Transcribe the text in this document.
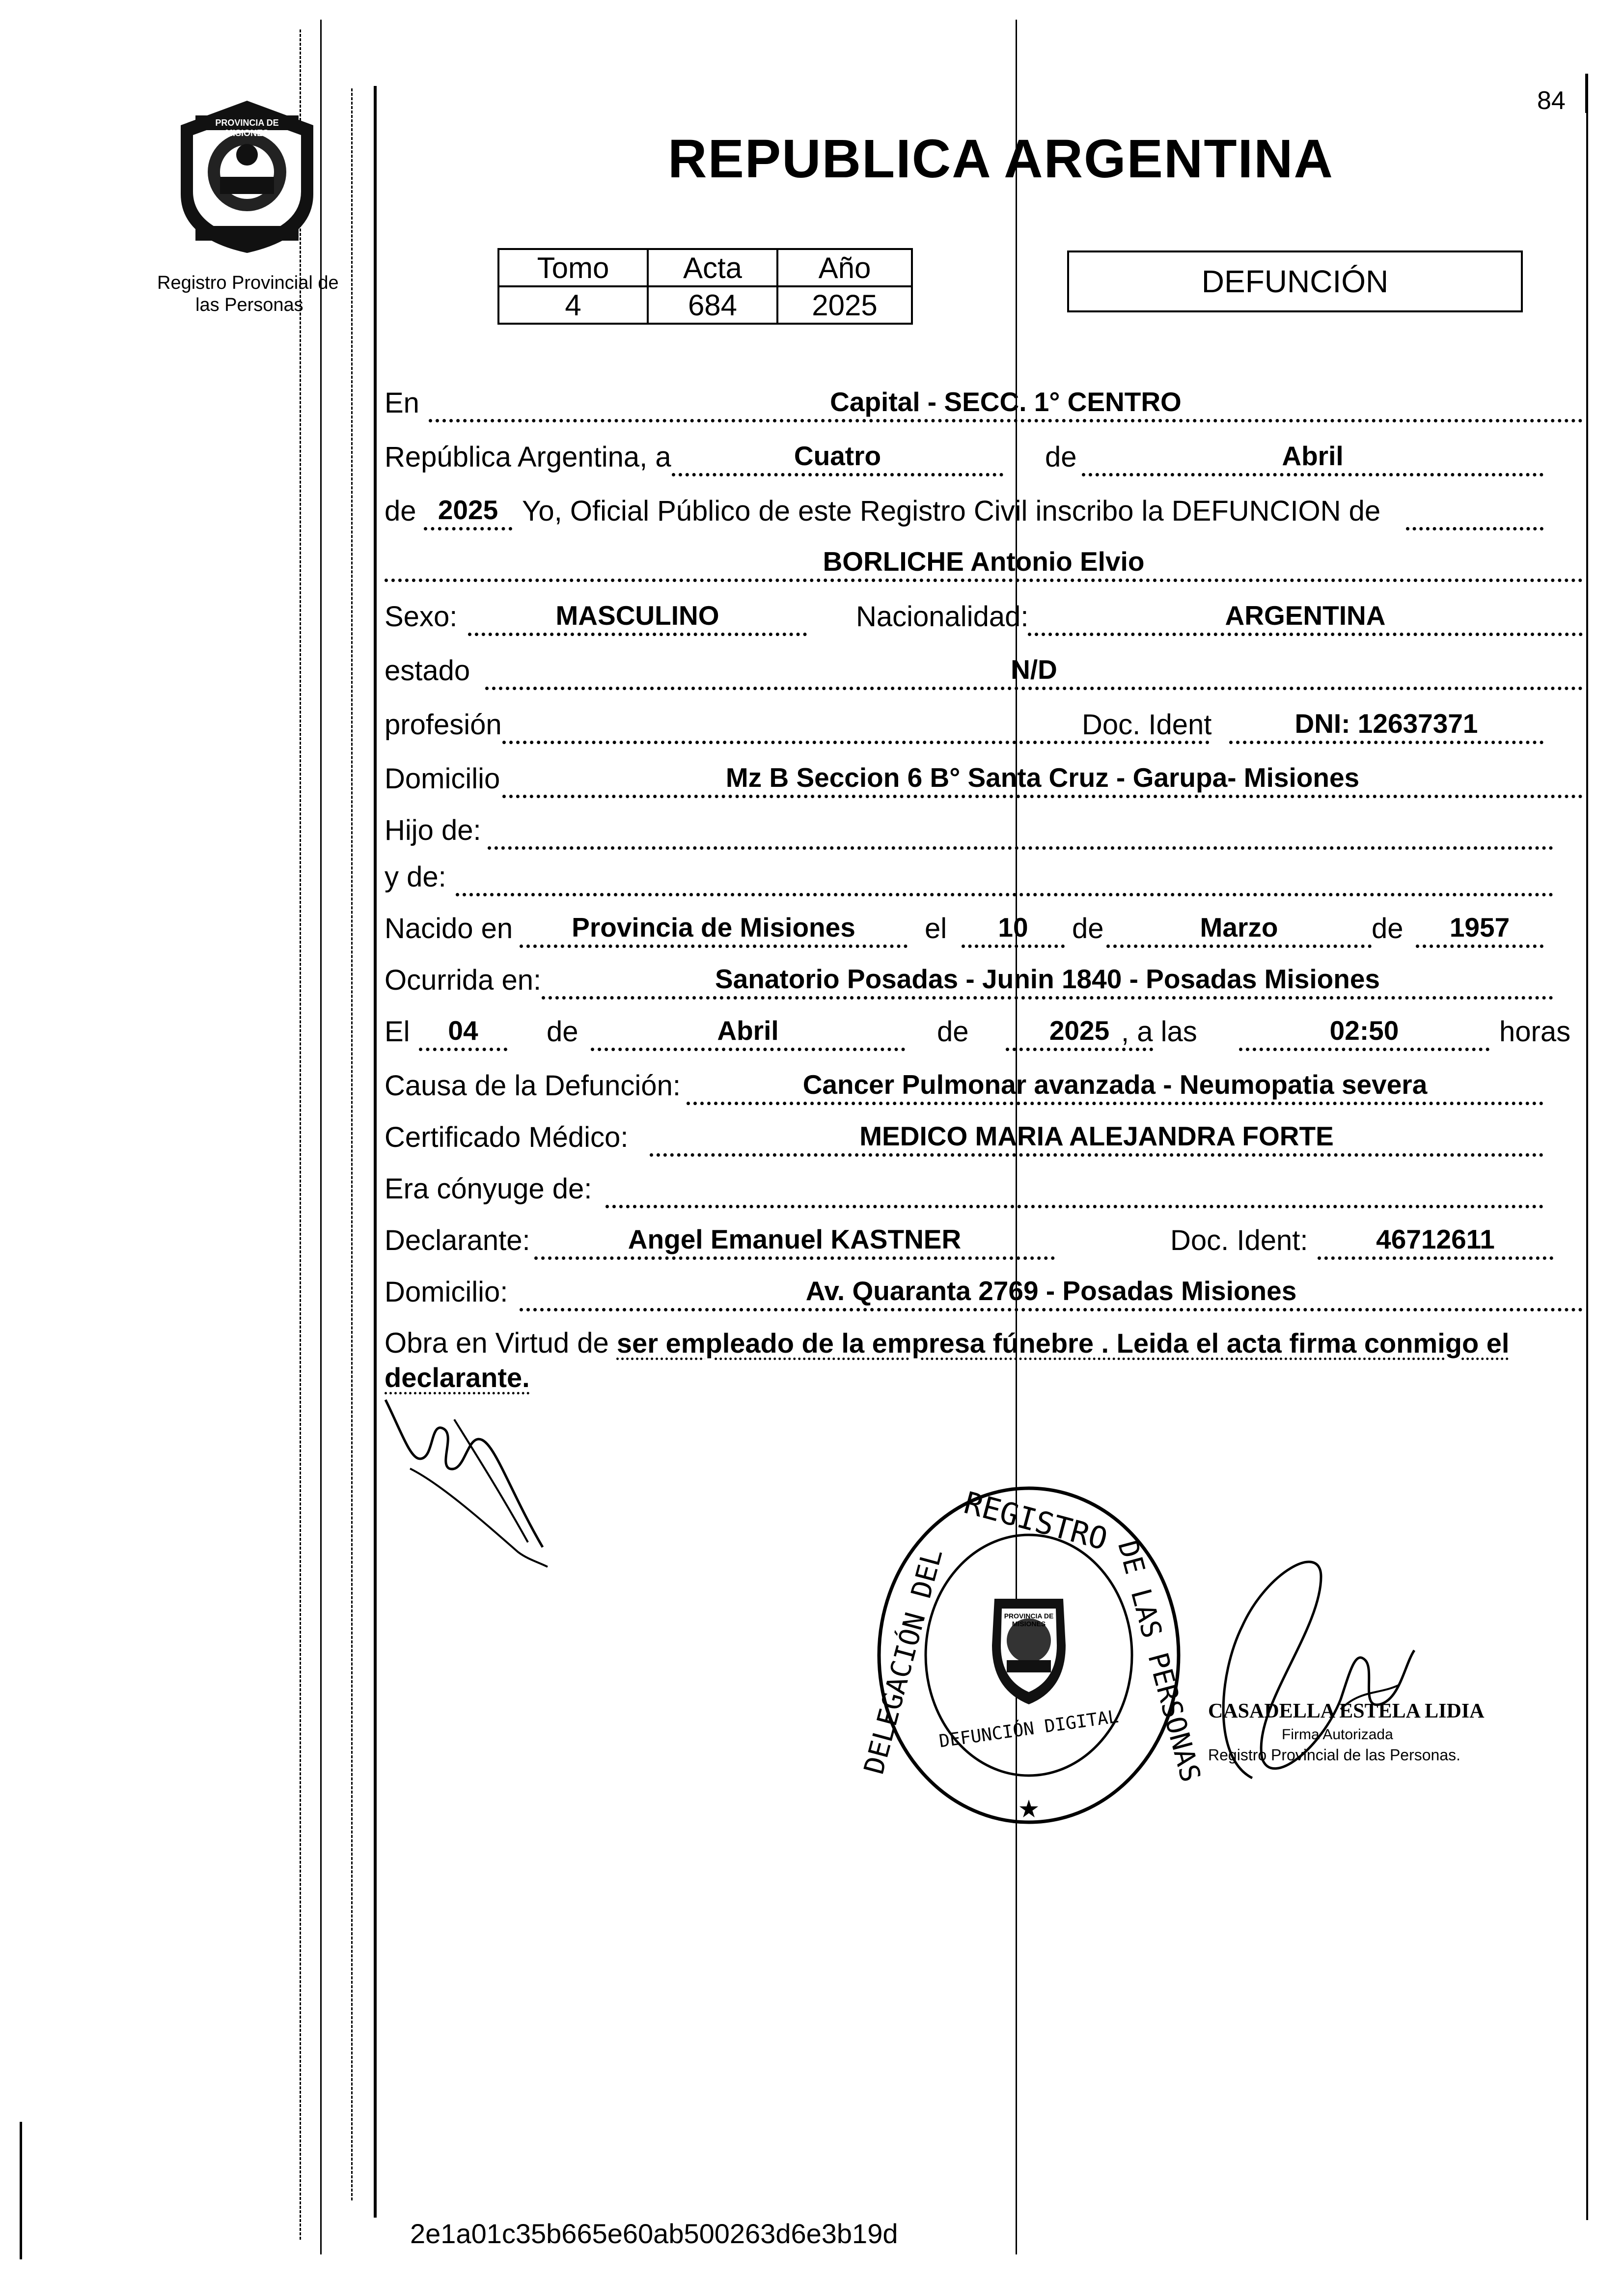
84
PROVINCIA DE MISIONES
Registro Provincial de
las Personas
REPUBLICA ARGENTINA
Tomo	Acta	Año
4	684	2025
DEFUNCIÓN
En	Capital - SECC. 1° CENTRO
República Argentina, a	Cuatro	de	Abril
de 2025 Yo, Oficial Público de este Registro Civil inscribo la DEFUNCION de
BORLICHE Antonio Elvio
Sexo:	MASCULINO	Nacionalidad:	ARGENTINA
estado	N/D
profesión	Doc. Ident	DNI: 12637371
Domicilio	Mz B Seccion 6 B° Santa Cruz - Garupa- Misiones
Hijo de:
y de:
Nacido en	Provincia de Misiones	el	10	de	Marzo	de	1957
Ocurrida en:	Sanatorio Posadas - Junin 1840 - Posadas Misiones
El	04	de	Abril	de	2025 , a las	02:50	horas
Causa de la Defunción:	Cancer Pulmonar avanzada - Neumopatia severa
Certificado Médico:	MEDICO MARIA ALEJANDRA FORTE
Era cónyuge de:
Declarante:	Angel Emanuel KASTNER	Doc. Ident:	46712611
Domicilio:	Av. Quaranta 2769 - Posadas Misiones
Obra en Virtud de ser empleado de la empresa fúnebre . Leida el acta firma conmigo el declarante.
★
REGISTRO
DELEGACIÓN DEL	DE LAS PERSONAS
DEFUNCIÓN DIGITAL
PROVINCIA DE MISIONES
CASADELLA ESTELA LIDIA
Firma Autorizada
Registro Provincial de las Personas.
2e1a01c35b665e60ab500263d6e3b19d
